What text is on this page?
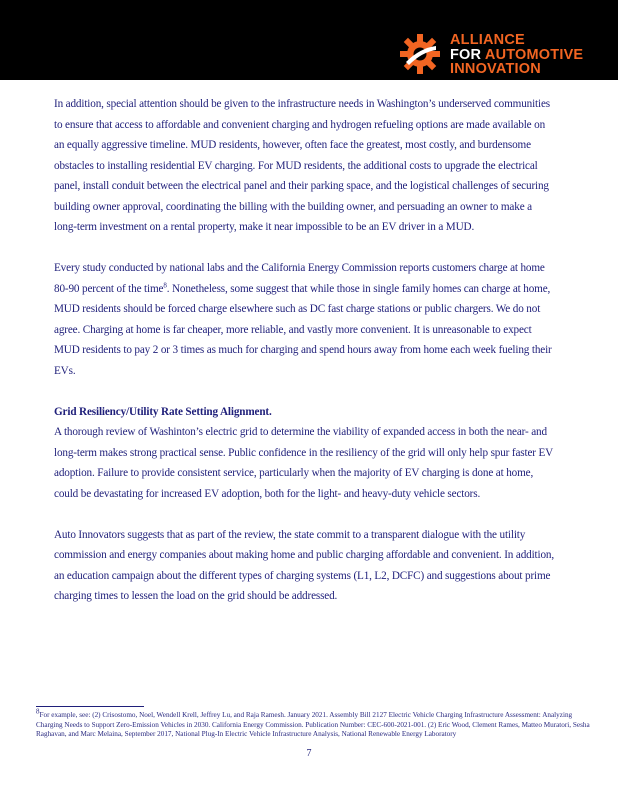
ALLIANCE
FOR AUTOMOTIVE
INNOVATION

In addition, special attention should be given to the infrastructure needs in Washington’s underserved communities to ensure that access to affordable and convenient charging and hydrogen refueling options are made available on an equally aggressive timeline. MUD residents, however, often face the greatest, most costly, and burdensome obstacles to installing residential EV charging. For MUD residents, the additional costs to upgrade the electrical panel, install conduit between the electrical panel and their parking space, and the logistical challenges of securing building owner approval, coordinating the billing with the building owner, and persuading an owner to make a long-term investment on a rental property, make it near impossible to be an EV driver in a MUD.

Every study conducted by national labs and the California Energy Commission reports customers charge at home 80-90 percent of the time$^8$. Nonetheless, some suggest that while those in single family homes can charge at home, MUD residents should be forced charge elsewhere such as DC fast charge stations or public chargers. We do not agree. Charging at home is far cheaper, more reliable, and vastly more convenient. It is unreasonable to expect MUD residents to pay 2 or 3 times as much for charging and spend hours away from home each week fueling their EVs.

Grid Resiliency/Utility Rate Setting Alignment.

A thorough review of Washinton’s electric grid to determine the viability of expanded access in both the near- and long-term makes strong practical sense. Public confidence in the resiliency of the grid will only help spur faster EV adoption. Failure to provide consistent service, particularly when the majority of EV charging is done at home, could be devastating for increased EV adoption, both for the light- and heavy-duty vehicle sectors.

Auto Innovators suggests that as part of the review, the state commit to a transparent dialogue with the utility commission and energy companies about making home and public charging affordable and convenient. In addition, an education campaign about the different types of charging systems (L1, L2, DCFC) and suggestions about prime charging times to lessen the load on the grid should be addressed.

$^8$For example, see: (2) Crisostomo, Noel, Wendell Krell, Jeffrey Lu, and Raja Ramesh. January 2021. Assembly Bill 2127 Electric Vehicle Charging Infrastructure Assessment: Analyzing Charging Needs to Support Zero-Emission Vehicles in 2030. California Energy Commission. Publication Number: CEC-600-2021-001. (2) Eric Wood, Clement Rames, Matteo Muratori, Sesha Raghavan, and Marc Melaina, September 2017, National Plug-In Electric Vehicle Infrastructure Analysis, National Renewable Energy Laboratory
7
